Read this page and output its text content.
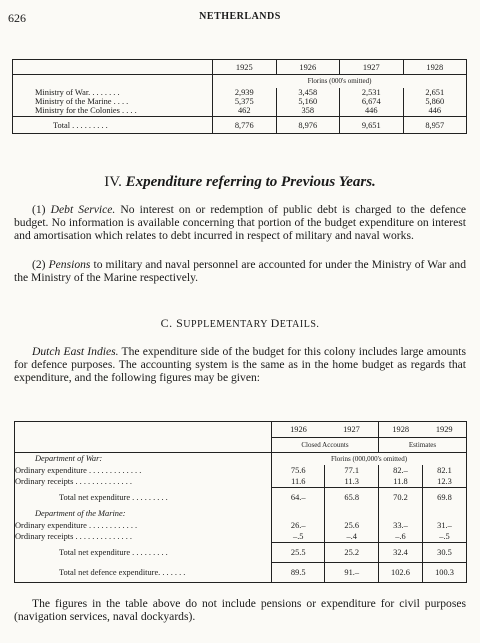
626	NETHERLANDS
	1925	1926	1927	1928
	Florins (000's omitted)			
Ministry of War. . . . . . . .	2,939	3,458	2,531	2,651
Ministry of the Marine . . . .	5,375	5,160	6,674	5,860
Ministry for the Colonies . . . .	462	358	446	446
Total . . . . . . . . .	8,776	8,976	9,651	8,957
IV. Expenditure referring to Previous Years.

(1) Debt Service. No interest on or redemption of public debt is charged to the defence budget. No information is available concerning that portion of the budget expenditure on interest and amortisation which relates to debt incurred in respect of military and naval works.

(2) Pensions to military and naval personnel are accounted for under the Ministry of War and the Ministry of the Marine respectively.

C. SUPPLEMENTARY DETAILS.

Dutch East Indies. The expenditure side of the budget for this colony includes large amounts for defence purposes. The accounting system is the same as in the home budget as regards that expenditure, and the following figures may be given:

	1926	1927	1928	1929
	Closed Accounts		Estimates	
Department of War:	Florins (000,000's omitted)			
Ordinary expenditure . . . . . . . . . . . . .	75.6	77.1	82.–	82.1
Ordinary receipts . . . . . . . . . . . . . .	11.6	11.3	11.8	12.3
Total net expenditure . . . . . . . . .	64.–	65.8	70.2	69.8
Department of the Marine:				
Ordinary expenditure . . . . . . . . . . . .	26.–	25.6	33.–	31.–
Ordinary receipts . . . . . . . . . . . . . .	–.5	–.4	–.6	–.5
Total net expenditure . . . . . . . . .	25.5	25.2	32.4	30.5
Total net defence expenditure. . . . . . .	89.5	91.–	102.6	100.3

The figures in the table above do not include pensions or expenditure for civil purposes (navigation services, naval dockyards).
